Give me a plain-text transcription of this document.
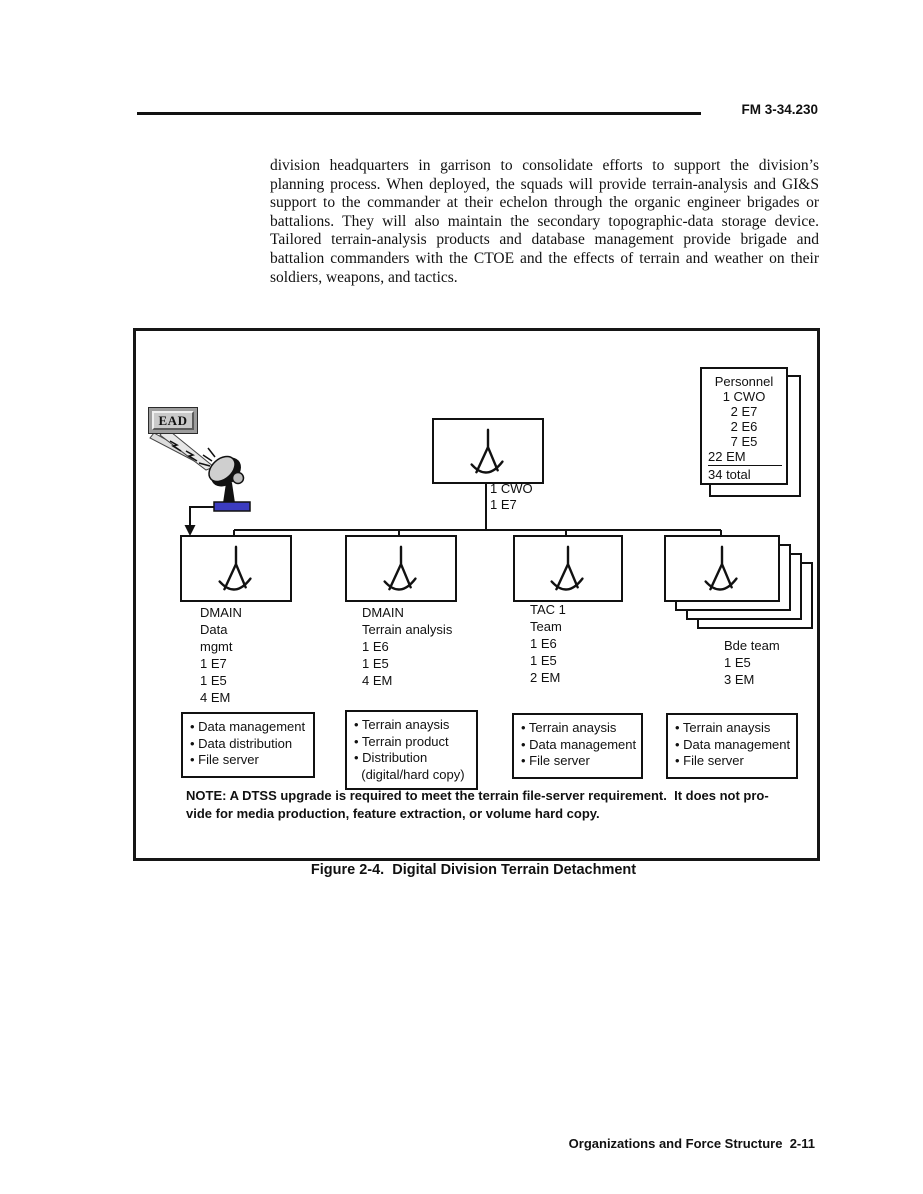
FM 3-34.230
division headquarters in garrison to consolidate efforts to support the division’s planning process. When deployed, the squads will provide terrain-analysis and GI&S support to the commander at their echelon through the organic engineer brigades or battalions. They will also maintain the secondary topographic-data storage device. Tailored terrain-analysis products and database management provide brigade and battalion commanders with the CTOE and the effects of terrain and weather on their soldiers, weapons, and tactics.
EAD
Personnel
1 CWO
2 E7
2 E6
7 E5
22 EM
34 total
1 CWO
1 E7
DMAIN
Data
mgmt
1 E7
1 E5
4 EM
DMAIN
Terrain analysis
1 E6
1 E5
4 EM
TAC 1
Team
1 E6
1 E5
2 EM
Bde team
1 E5
3 EM
• Data management
• Data distribution
• File server
• Terrain anaysis
• Terrain product
• Distribution
(digital/hard copy)
• Terrain anaysis
• Data management
• File server
• Terrain anaysis
• Data management
• File server
NOTE: A DTSS upgrade is required to meet the terrain file-server requirement.  It does not pro-
vide for media production, feature extraction, or volume hard copy.
Figure 2-4.  Digital Division Terrain Detachment
Organizations and Force Structure  2-11
